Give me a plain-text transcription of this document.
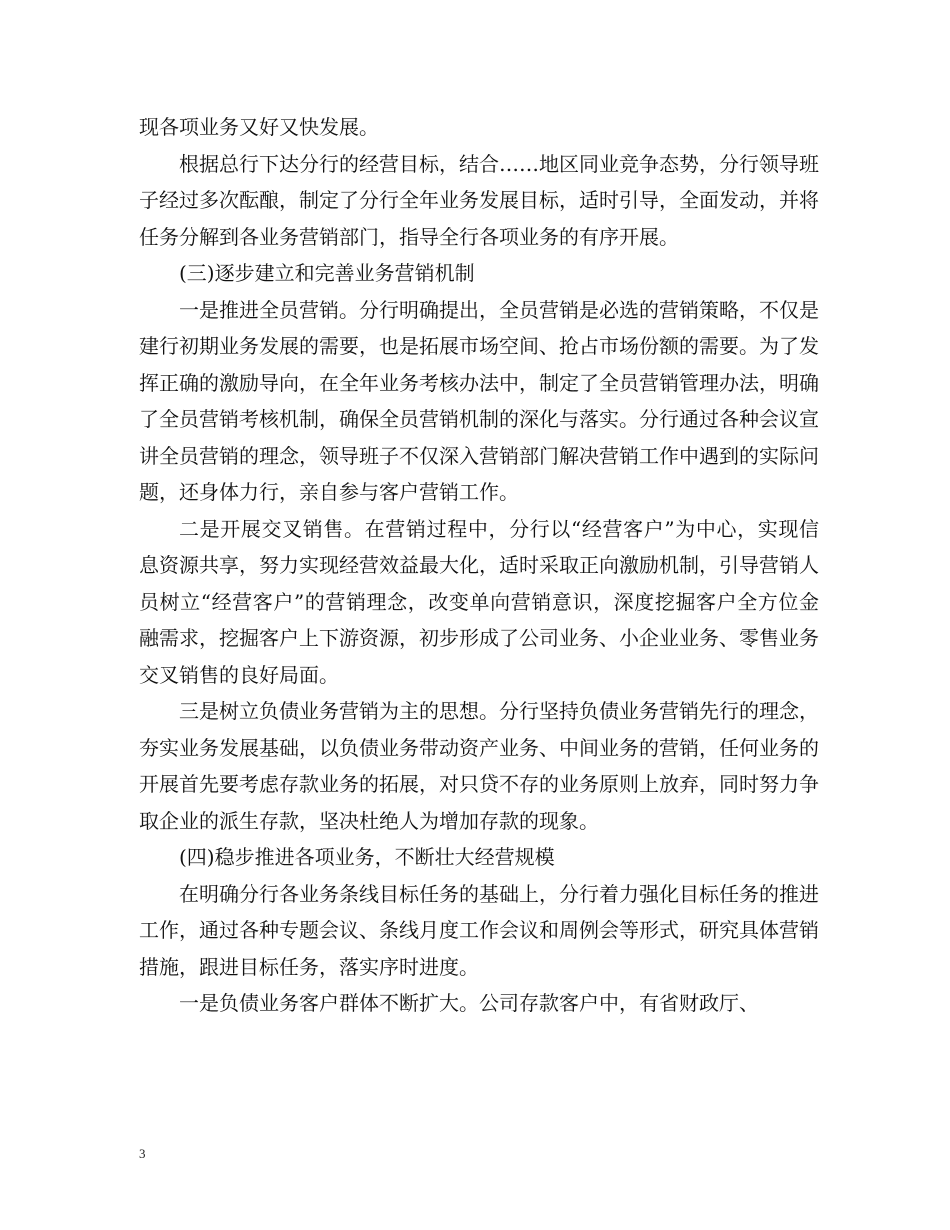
现各项业务又好又快发展。

根据总行下达分行的经营目标，结合……地区同业竞争态势，分行领导班子经过多次酝酿，制定了分行全年业务发展目标，适时引导，全面发动，并将任务分解到各业务营销部门，指导全行各项业务的有序开展。

(三)逐步建立和完善业务营销机制

一是推进全员营销。分行明确提出，全员营销是必选的营销策略，不仅是建行初期业务发展的需要，也是拓展市场空间、抢占市场份额的需要。为了发挥正确的激励导向，在全年业务考核办法中，制定了全员营销管理办法，明确了全员营销考核机制，确保全员营销机制的深化与落实。分行通过各种会议宣讲全员营销的理念，领导班子不仅深入营销部门解决营销工作中遇到的实际问题，还身体力行，亲自参与客户营销工作。

二是开展交叉销售。在营销过程中，分行以“经营客户”为中心，实现信息资源共享，努力实现经营效益最大化，适时采取正向激励机制，引导营销人员树立“经营客户”的营销理念，改变单向营销意识，深度挖掘客户全方位金融需求，挖掘客户上下游资源，初步形成了公司业务、小企业业务、零售业务交叉销售的良好局面。

三是树立负债业务营销为主的思想。分行坚持负债业务营销先行的理念，夯实业务发展基础，以负债业务带动资产业务、中间业务的营销，任何业务的开展首先要考虑存款业务的拓展，对只贷不存的业务原则上放弃，同时努力争取企业的派生存款，坚决杜绝人为增加存款的现象。

(四)稳步推进各项业务，不断壮大经营规模

在明确分行各业务条线目标任务的基础上，分行着力强化目标任务的推进工作，通过各种专题会议、条线月度工作会议和周例会等形式，研究具体营销措施，跟进目标任务，落实序时进度。

一是负债业务客户群体不断扩大。公司存款客户中，有省财政厅、

3
